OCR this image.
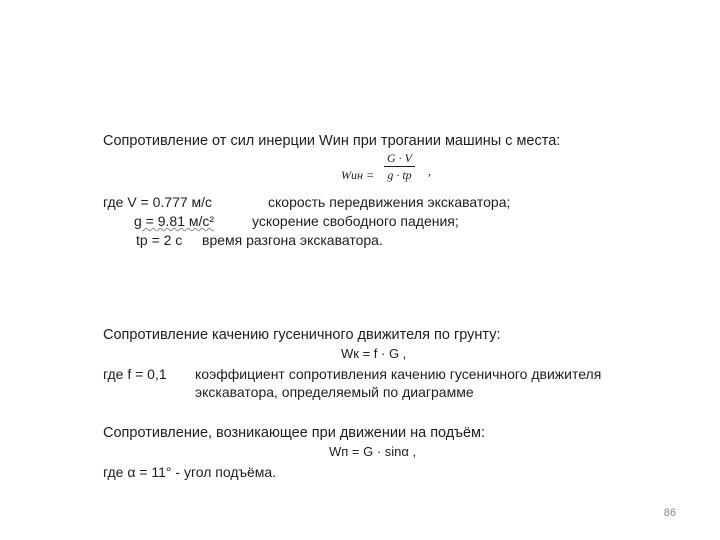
Сопротивление от сил инерции Wин при трогании машины с места:
Wин =
G · V
g · tр ,
где V = 0.777 м/с	скорость передвижения экскаватора;
g = 9.81 м/с²	ускорение свободного падения;
tр = 2 с время разгона экскаватора.
Сопротивление качению гусеничного движителя по грунту:
Wк = f · G ,
где f = 0,1 коэффициент сопротивления качению гусеничного движителя
экскаватора, определяемый по диаграмме
Сопротивление, возникающее при движении на подъём:
Wп = G · sinα ,
где α = 11° - угол подъёма.
86
